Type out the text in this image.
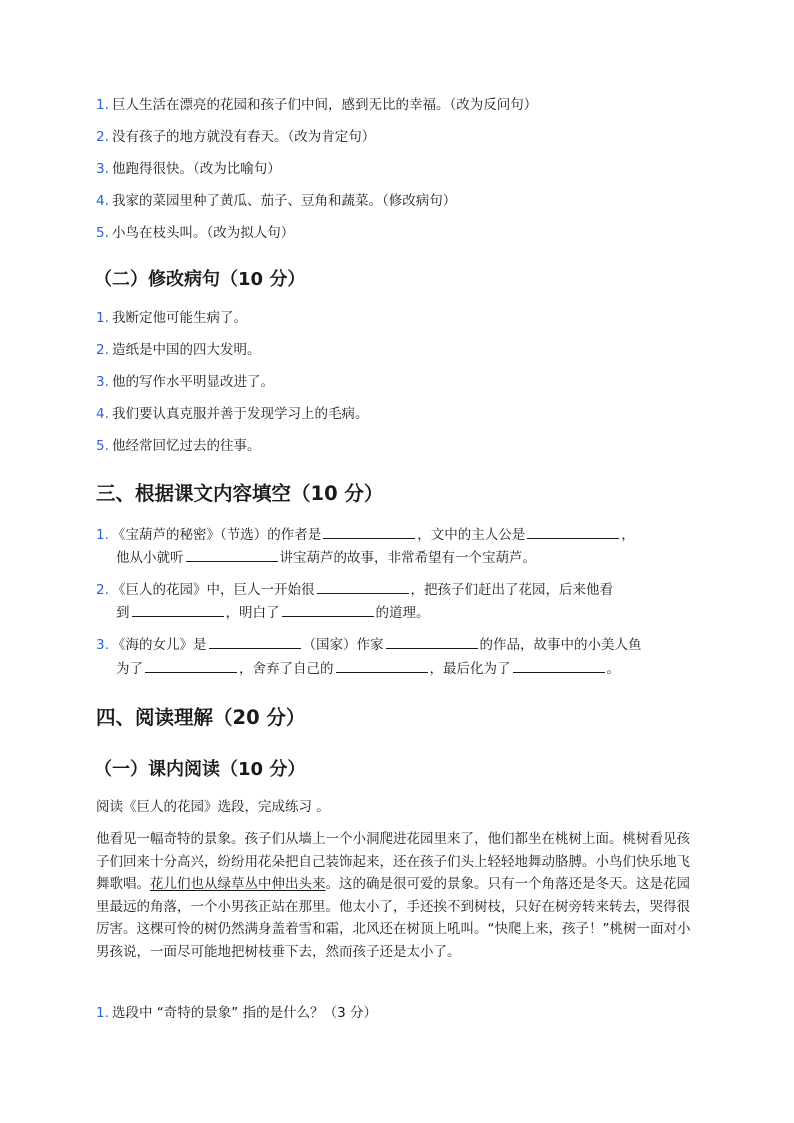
1. 巨人生活在漂亮的花园和孩子们中间，感到无比的幸福。（改为反问句）
2. 没有孩子的地方就没有春天。（改为肯定句）
3. 他跑得很快。（改为比喻句）
4. 我家的菜园里种了黄瓜、茄子、豆角和蔬菜。（修改病句）
5. 小鸟在枝头叫。（改为拟人句）
（二）修改病句（10 分）
1. 我断定他可能生病了。
2. 造纸是中国的四大发明。
3. 他的写作水平明显改进了。
4. 我们要认真克服并善于发现学习上的毛病。
5. 他经常回忆过去的往事。
三、根据课文内容填空（10 分）
1. 《宝葫芦的秘密》（节选）的作者是	，文中的主人公是	，
他从小就听	讲宝葫芦的故事，非常希望有一个宝葫芦。
2. 《巨人的花园》中，巨人一开始很	，把孩子们赶出了花园，后来他看
到	，明白了	的道理。
3. 《海的女儿》是	（国家）作家	的作品，故事中的小美人鱼
为了	，舍弃了自己的	，最后化为了	。
四、阅读理解（20 分）
（一）课内阅读（10 分）
阅读《巨人的花园》选段，完成练习 。
他看见一幅奇特的景象。孩子们从墙上一个小洞爬进花园里来了，他们都坐在桃树上面。桃树看见孩子们回来十分高兴，纷纷用花朵把自己装饰起来，还在孩子们头上轻轻地舞动胳膊。小鸟们快乐地飞舞歌唱。花儿们也从绿草丛中伸出头来。这的确是很可爱的景象。只有一个角落还是冬天。这是花园里最远的角落，一个小男孩正站在那里。他太小了，手还挨不到树枝，只好在树旁转来转去，哭得很厉害。这棵可怜的树仍然满身盖着雪和霜，北风还在树顶上吼叫。“快爬上来，孩子！”桃树一面对小男孩说，一面尽可能地把树枝垂下去，然而孩子还是太小了。
1. 选段中 “奇特的景象” 指的是什么？（3 分）
